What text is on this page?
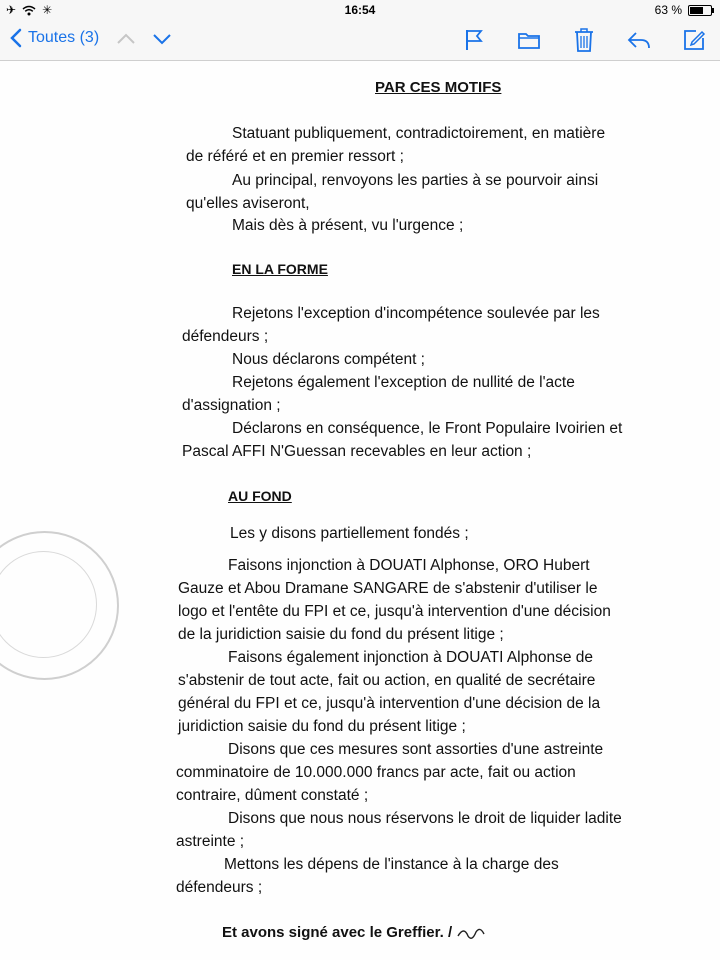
✈ ✳	16:54	63 %
Toutes (3)
PAR CES MOTIFS
Statuant publiquement, contradictoirement, en matière
de référé et en premier ressort ;
Au principal, renvoyons les parties à se pourvoir ainsi
qu'elles aviseront,
Mais dès à présent, vu l'urgence ;
EN LA FORME
Rejetons l'exception d'incompétence soulevée par les
défendeurs ;
Nous déclarons compétent ;
Rejetons également l'exception de nullité de l'acte
d'assignation ;
Déclarons en conséquence, le Front Populaire Ivoirien et
Pascal AFFI N'Guessan recevables en leur action ;
AU FOND
Les y disons partiellement fondés ;
Faisons injonction à DOUATI Alphonse, ORO Hubert
Gauze et Abou Dramane SANGARE de s'abstenir d'utiliser le
logo et l'entête du FPI et ce, jusqu'à intervention d'une décision
de la juridiction saisie du fond du présent litige ;
Faisons également injonction à DOUATI Alphonse de
s'abstenir de tout acte, fait ou action, en qualité de secrétaire
général du FPI et ce, jusqu'à intervention d'une décision de la
juridiction saisie du fond du présent litige ;
Disons que ces mesures sont assorties d'une astreinte
comminatoire de 10.000.000 francs par acte, fait ou action
contraire, dûment constaté ;
Disons que nous nous réservons le droit de liquider ladite
astreinte ;
Mettons les dépens de l'instance à la charge des
défendeurs ;
Et avons signé avec le Greffier. /
